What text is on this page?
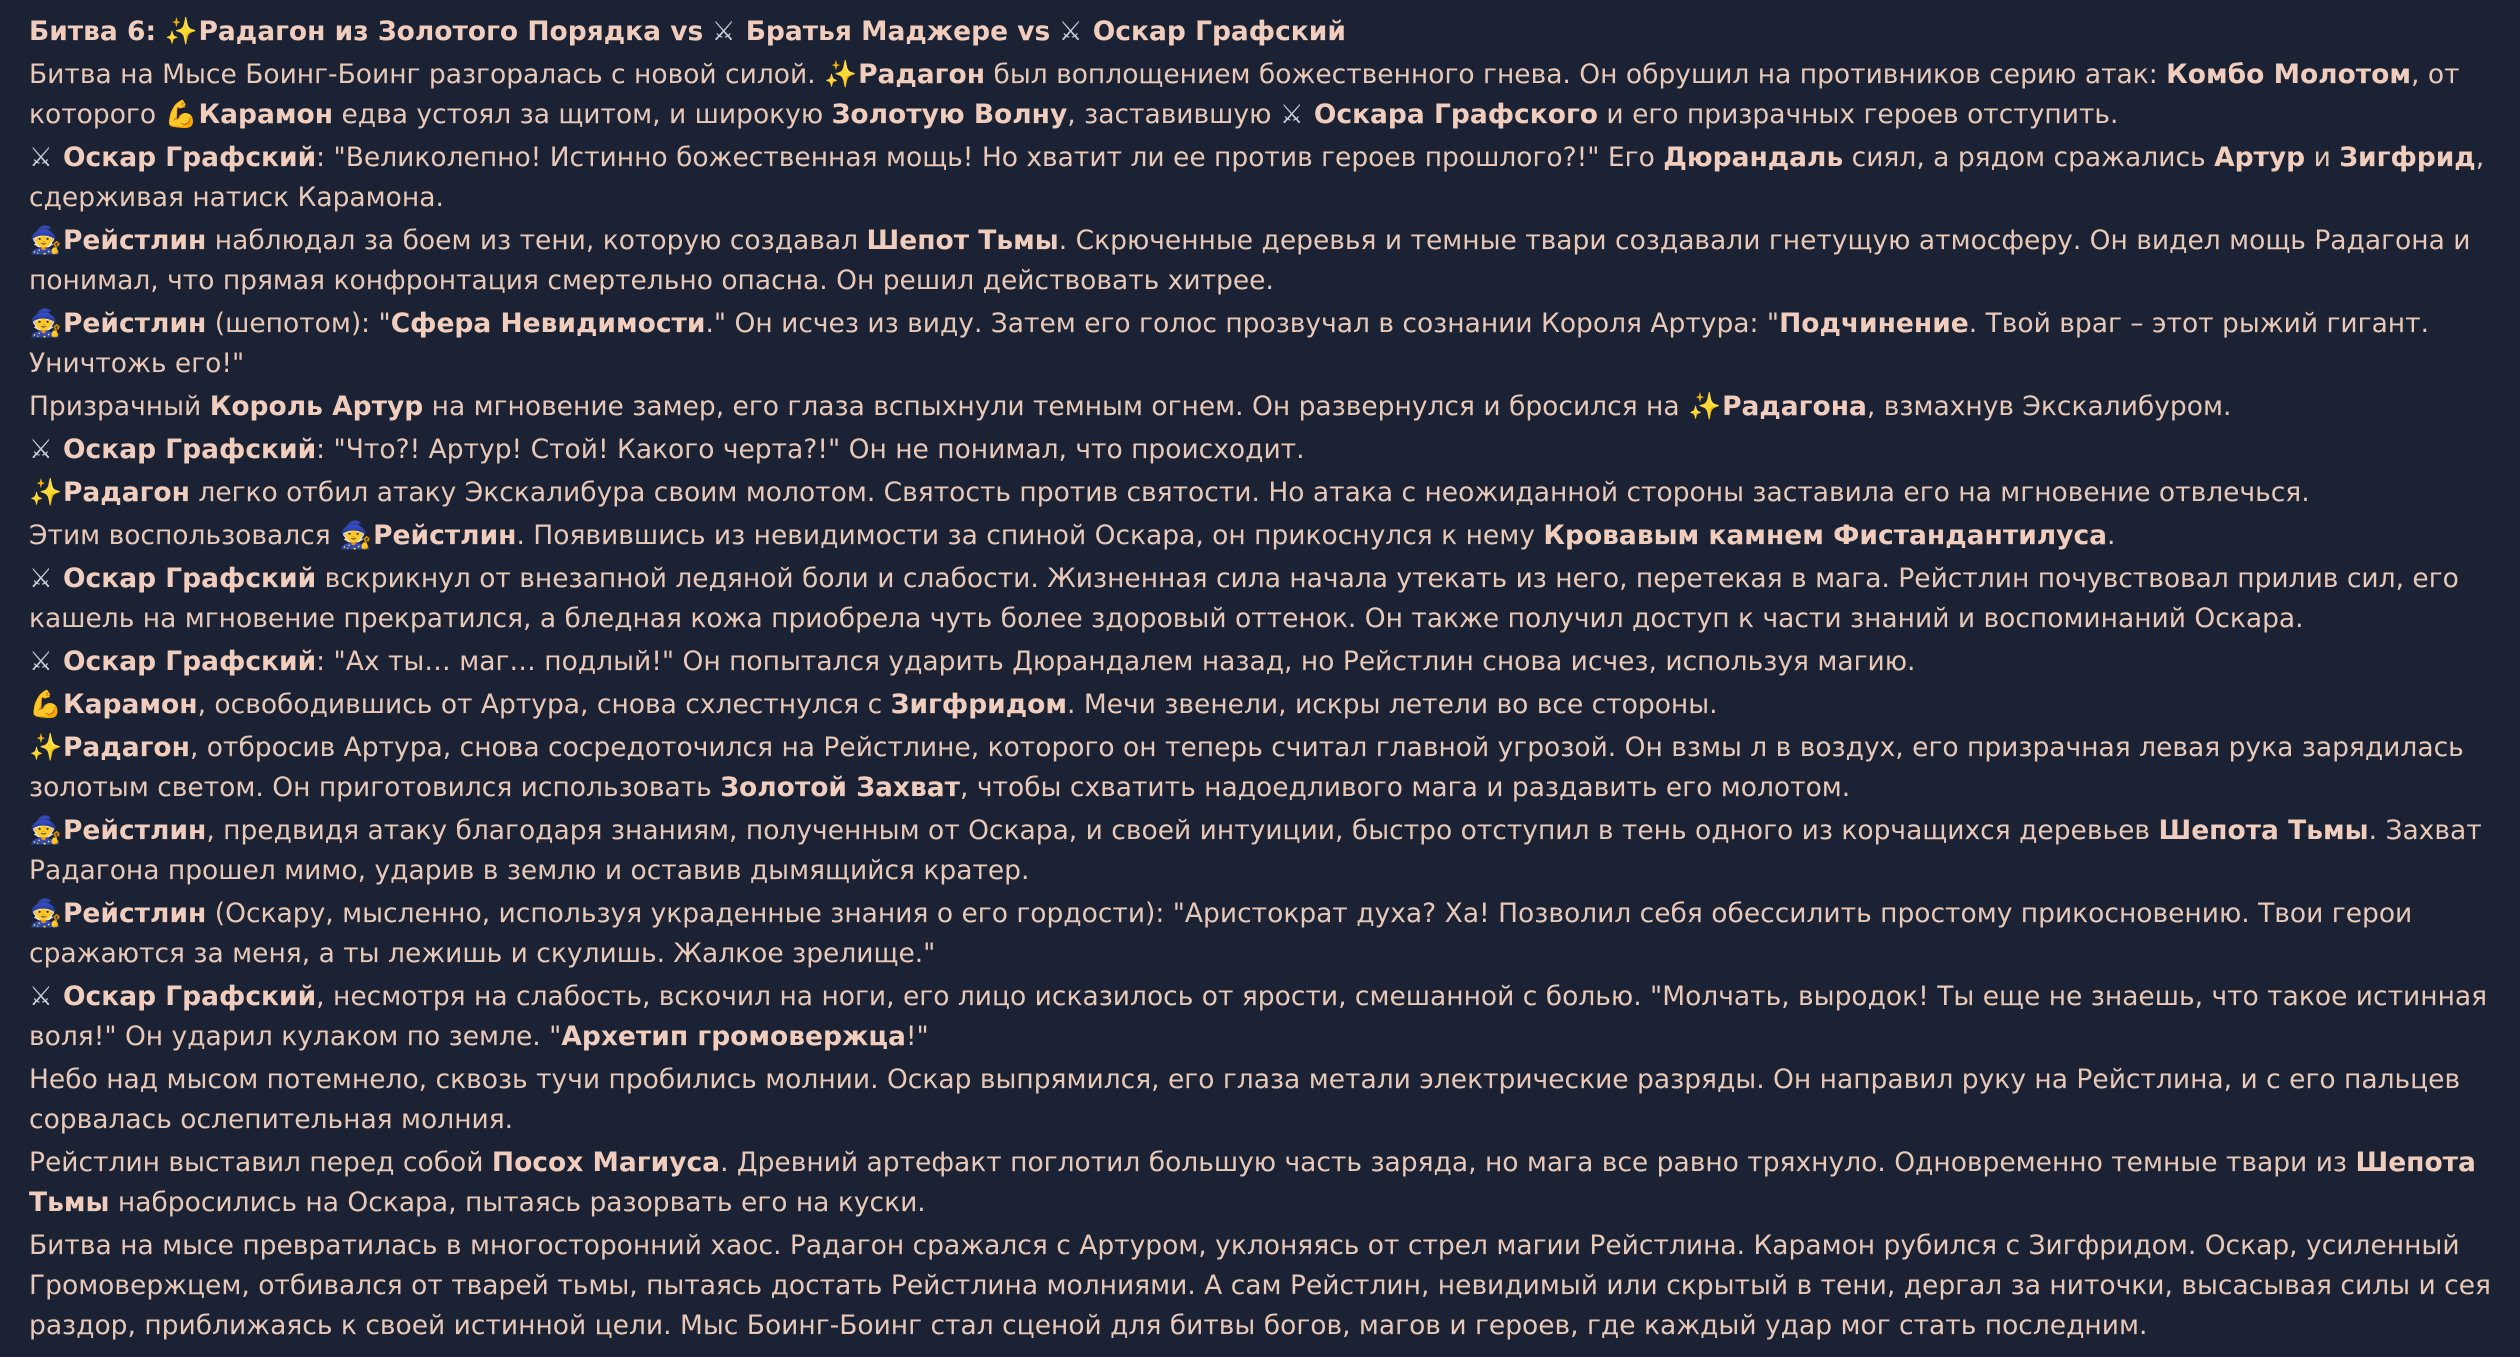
Битва 6: ✨Радагон из Золотого Порядка vs ⚔ Братья Маджере vs ⚔ Оскар Графский

Битва на Мысе Боинг-Боинг разгоралась с новой силой. ✨Радагон был воплощением божественного гнева. Он обрушил на противников серию атак: Комбо Молотом, от которого 💪Карамон едва устоял за щитом, и широкую Золотую Волну, заставившую ⚔ Оскара Графского и его призрачных героев отступить.

⚔ Оскар Графский: "Великолепно! Истинно божественная мощь! Но хватит ли ее против героев прошлого?!" Его Дюрандаль сиял, а рядом сражались Артур и Зигфрид, сдерживая натиск Карамона.

🧙Рейстлин наблюдал за боем из тени, которую создавал Шепот Тьмы. Скрюченные деревья и темные твари создавали гнетущую атмосферу. Он видел мощь Радагона и понимал, что прямая конфронтация смертельно опасна. Он решил действовать хитрее.

🧙Рейстлин (шепотом): "Сфера Невидимости." Он исчез из виду. Затем его голос прозвучал в сознании Короля Артура: "Подчинение. Твой враг – этот рыжий гигант. Уничтожь его!"

Призрачный Король Артур на мгновение замер, его глаза вспыхнули темным огнем. Он развернулся и бросился на ✨Радагона, взмахнув Экскалибуром.

⚔ Оскар Графский: "Что?! Артур! Стой! Какого черта?!" Он не понимал, что происходит.

✨Радагон легко отбил атаку Экскалибура своим молотом. Святость против святости. Но атака с неожиданной стороны заставила его на мгновение отвлечься.

Этим воспользовался 🧙Рейстлин. Появившись из невидимости за спиной Оскара, он прикоснулся к нему Кровавым камнем Фистандантилуса.

⚔ Оскар Графский вскрикнул от внезапной ледяной боли и слабости. Жизненная сила начала утекать из него, перетекая в мага. Рейстлин почувствовал прилив сил, его кашель на мгновение прекратился, а бледная кожа приобрела чуть более здоровый оттенок. Он также получил доступ к части знаний и воспоминаний Оскара.

⚔ Оскар Графский: "Ах ты… маг… подлый!" Он попытался ударить Дюрандалем назад, но Рейстлин снова исчез, используя магию.

💪Карамон, освободившись от Артура, снова схлестнулся с Зигфридом. Мечи звенели, искры летели во все стороны.

✨Радагон, отбросив Артура, снова сосредоточился на Рейстлине, которого он теперь считал главной угрозой. Он взмы л в воздух, его призрачная левая рука зарядилась золотым светом. Он приготовился использовать Золотой Захват, чтобы схватить надоедливого мага и раздавить его молотом.

🧙Рейстлин, предвидя атаку благодаря знаниям, полученным от Оскара, и своей интуиции, быстро отступил в тень одного из корчащихся деревьев Шепота Тьмы. Захват Радагона прошел мимо, ударив в землю и оставив дымящийся кратер.

🧙Рейстлин (Оскару, мысленно, используя украденные знания о его гордости): "Аристократ духа? Ха! Позволил себя обессилить простому прикосновению. Твои герои сражаются за меня, а ты лежишь и скулишь. Жалкое зрелище."

⚔ Оскар Графский, несмотря на слабость, вскочил на ноги, его лицо исказилось от ярости, смешанной с болью. "Молчать, выродок! Ты еще не знаешь, что такое истинная воля!" Он ударил кулаком по земле. "Архетип громовержца!"

Небо над мысом потемнело, сквозь тучи пробились молнии. Оскар выпрямился, его глаза метали электрические разряды. Он направил руку на Рейстлина, и с его пальцев сорвалась ослепительная молния.

Рейстлин выставил перед собой Посох Магиуса. Древний артефакт поглотил большую часть заряда, но мага все равно тряхнуло. Одновременно темные твари из Шепота Тьмы набросились на Оскара, пытаясь разорвать его на куски.

Битва на мысе превратилась в многосторонний хаос. Радагон сражался с Артуром, уклоняясь от стрел магии Рейстлина. Карамон рубился с Зигфридом. Оскар, усиленный Громовержцем, отбивался от тварей тьмы, пытаясь достать Рейстлина молниями. А сам Рейстлин, невидимый или скрытый в тени, дергал за ниточки, высасывая силы и сея раздор, приближаясь к своей истинной цели. Мыс Боинг-Боинг стал сценой для битвы богов, магов и героев, где каждый удар мог стать последним.
